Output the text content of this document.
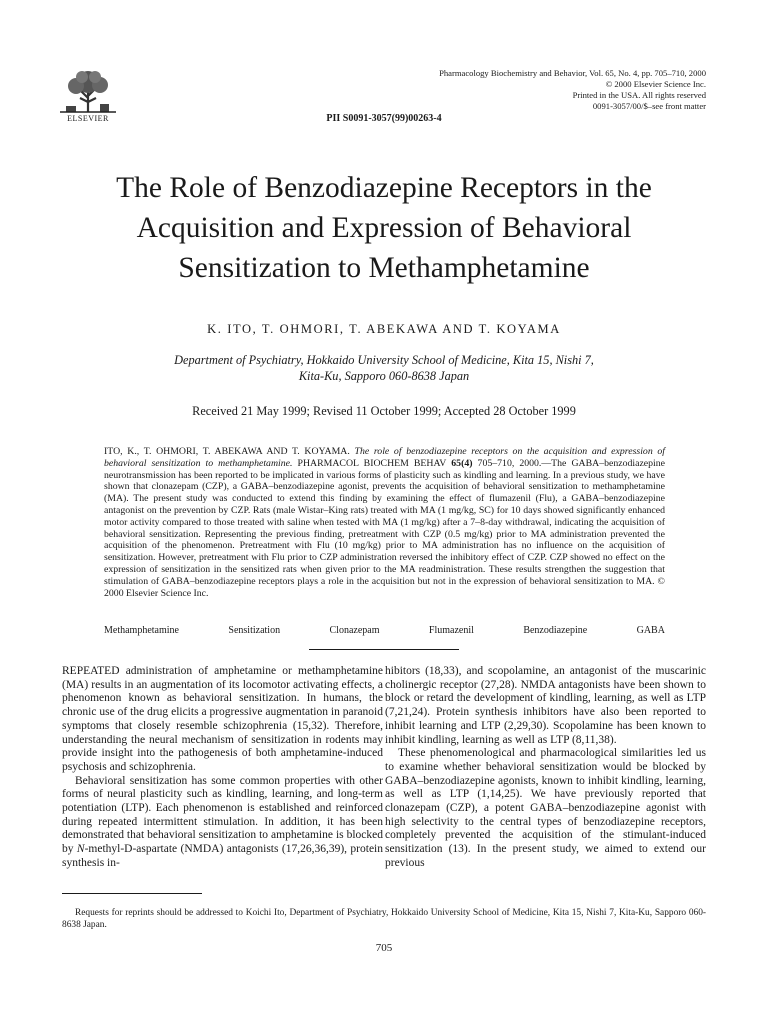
ELSEVIER
Pharmacology Biochemistry and Behavior, Vol. 65, No. 4, pp. 705–710, 2000
© 2000 Elsevier Science Inc.
Printed in the USA. All rights reserved
0091-3057/00/$–see front matter
PII S0091-3057(99)00263-4
The Role of Benzodiazepine Receptors in the
Acquisition and Expression of Behavioral
Sensitization to Methamphetamine
K. ITO, T. OHMORI, T. ABEKAWA AND T. KOYAMA
Department of Psychiatry, Hokkaido University School of Medicine, Kita 15, Nishi 7,
Kita-Ku, Sapporo 060-8638 Japan
Received 21 May 1999; Revised 11 October 1999; Accepted 28 October 1999
ITO, K., T. OHMORI, T. ABEKAWA AND T. KOYAMA. The role of benzodiazepine receptors on the acquisition and expression of behavioral sensitization to methamphetamine. PHARMACOL BIOCHEM BEHAV 65(4) 705–710, 2000.—The GABA–benzodiazepine neurotransmission has been reported to be implicated in various forms of plasticity such as kindling and learning. In a previous study, we have shown that clonazepam (CZP), a GABA–benzodiazepine agonist, prevents the acquisition of behavioral sensitization to methamphetamine (MA). The present study was conducted to extend this finding by examining the effect of flumazenil (Flu), a GABA–benzodiazepine antagonist on the prevention by CZP. Rats (male Wistar–King rats) treated with MA (1 mg/kg, SC) for 10 days showed significantly enhanced motor activity compared to those treated with saline when tested with MA (1 mg/kg) after a 7–8-day withdrawal, indicating the acquisition of behavioral sensitization. Representing the previous finding, pretreatment with CZP (0.5 mg/kg) prior to MA administration prevented the acquisition of the phenomenon. Pretreatment with Flu (10 mg/kg) prior to MA administration has no influence on the acquisition of sensitization. However, pretreatment with Flu prior to CZP administration reversed the inhibitory effect of CZP. CZP showed no effect on the expression of sensitization in the sensitized rats when given prior to the MA readministration. These results strengthen the suggestion that stimulation of GABA–benzodiazepine receptors plays a role in the acquisition but not in the expression of behavioral sensitization to MA. © 2000 Elsevier Science Inc.
Methamphetamine	Sensitization	Clonazepam	Flumazenil	Benzodiazepine	GABA

REPEATED administration of amphetamine or methamphetamine (MA) results in an augmentation of its locomotor activating effects, a phenomenon known as behavioral sensitization. In humans, the chronic use of the drug elicits a progressive augmentation in paranoid symptoms that closely resemble schizophrenia (15,32). Therefore, understanding the neural mechanism of sensitization in rodents may provide insight into the pathogenesis of both amphetamine-induced psychosis and schizophrenia.

Behavioral sensitization has some common properties with other forms of neural plasticity such as kindling, learning, and long-term potentiation (LTP). Each phenomenon is established and reinforced during repeated intermittent stimulation. In addition, it has been demonstrated that behavioral sensitization to amphetamine is blocked by N-methyl-D-aspartate (NMDA) antagonists (17,26,36,39), protein synthesis in-

hibitors (18,33), and scopolamine, an antagonist of the muscarinic cholinergic receptor (27,28). NMDA antagonists have been shown to block or retard the development of kindling, learning, as well as LTP (7,21,24). Protein synthesis inhibitors have also been reported to inhibit learning and LTP (2,29,30). Scopolamine has been known to inhibit kindling, learning as well as LTP (8,11,38).

These phenomenological and pharmacological similarities led us to examine whether behavioral sensitization would be blocked by GABA–benzodiazepine agonists, known to inhibit kindling, learning, as well as LTP (1,14,25). We have previously reported that clonazepam (CZP), a potent GABA–benzodiazepine agonist with high selectivity to the central types of benzodiazepine receptors, completely prevented the acquisition of the stimulant-induced sensitization (13). In the present study, we aimed to extend our previous

Requests for reprints should be addressed to Koichi Ito, Department of Psychiatry, Hokkaido University School of Medicine, Kita 15, Nishi 7, Kita-Ku, Sapporo 060-8638 Japan.
705
